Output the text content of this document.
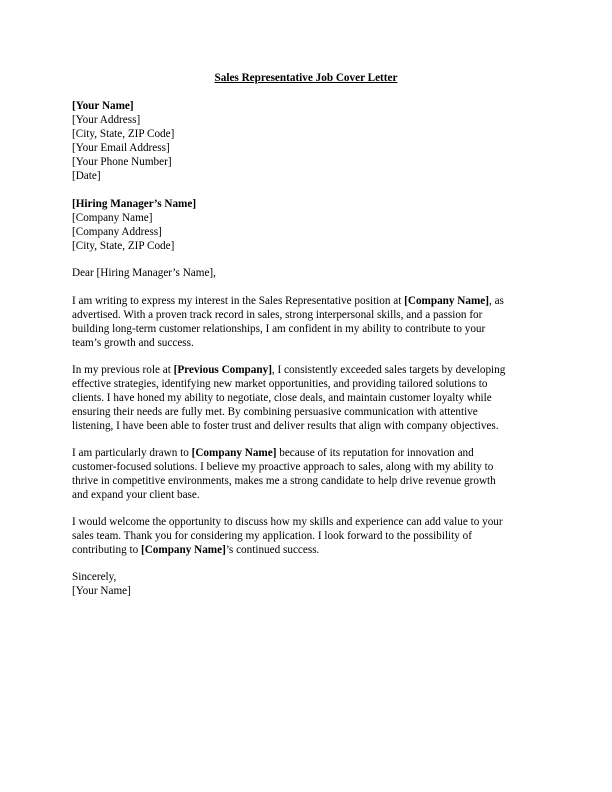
Sales Representative Job Cover Letter
[Your Name]
[Your Address]
[City, State, ZIP Code]
[Your Email Address]
[Your Phone Number]
[Date]
[Hiring Manager’s Name]
[Company Name]
[Company Address]
[City, State, ZIP Code]
Dear [Hiring Manager’s Name],
I am writing to express my interest in the Sales Representative position at [Company Name], as
advertised. With a proven track record in sales, strong interpersonal skills, and a passion for
building long-term customer relationships, I am confident in my ability to contribute to your
team’s growth and success.
In my previous role at [Previous Company], I consistently exceeded sales targets by developing
effective strategies, identifying new market opportunities, and providing tailored solutions to
clients. I have honed my ability to negotiate, close deals, and maintain customer loyalty while
ensuring their needs are fully met. By combining persuasive communication with attentive
listening, I have been able to foster trust and deliver results that align with company objectives.
I am particularly drawn to [Company Name] because of its reputation for innovation and
customer-focused solutions. I believe my proactive approach to sales, along with my ability to
thrive in competitive environments, makes me a strong candidate to help drive revenue growth
and expand your client base.
I would welcome the opportunity to discuss how my skills and experience can add value to your
sales team. Thank you for considering my application. I look forward to the possibility of
contributing to [Company Name]’s continued success.
Sincerely,
[Your Name]
